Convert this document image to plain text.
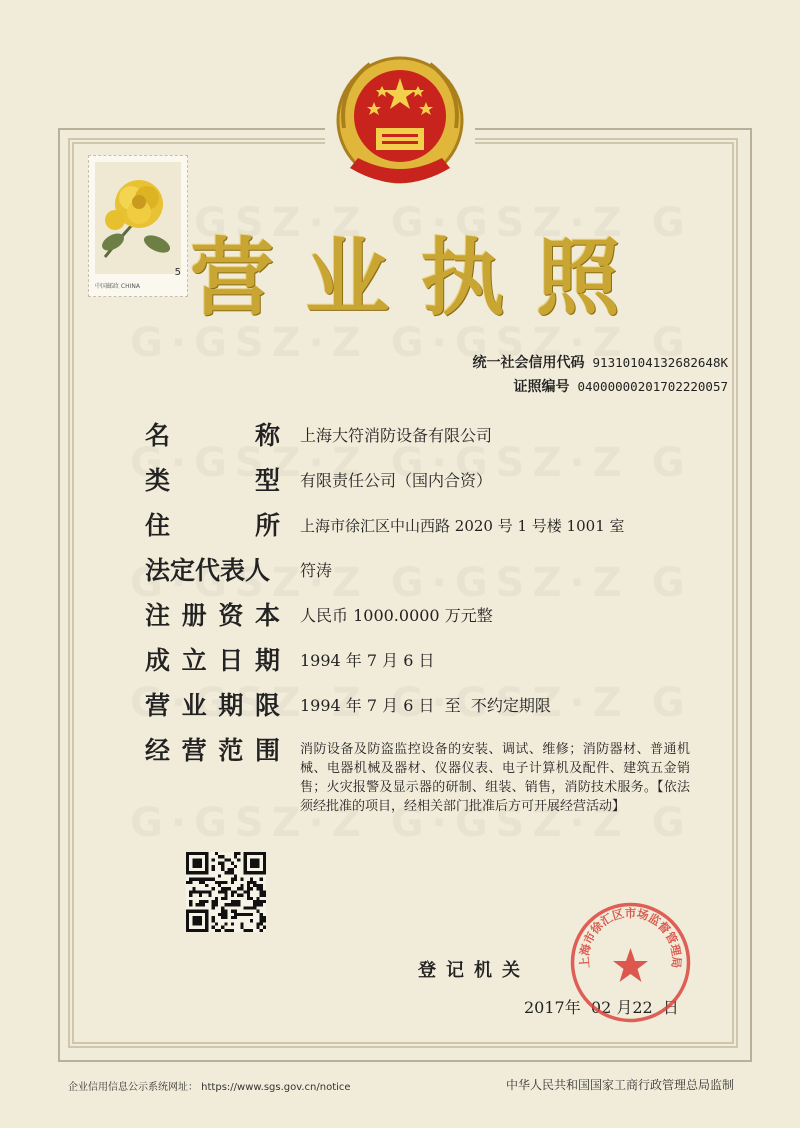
中国邮政 CHINA
5 营 业 执 照
统一社会信用代码 91310104132682648K
证照编号 04000000201702220057
名	称 上海大符消防设备有限公司
类	型 有限责任公司（国内合资）
住	所 上海市徐汇区中山西路 2020 号 1 号楼 1001 室
法定代表人	符涛
注 册 资 本 人民币 1000.0000 万元整
成 立 日 期 1994 年 7 月 6 日
营 业 期 限 1994 年 7 月 6 日  至  不约定期限
经 营 范 围 消防设备及防盗监控设备的安装、调试、维修；消防器材、普通机械、电器机械及器材、仪器仪表、电子计算机及配件、建筑五金销售；火灾报警及显示器的研制、组装、销售，消防技术服务。【依法须经批准的项目，经相关部门批准后方可开展经营活动】
登记机关
2017年  02 月22  日
上海市徐汇区市场监督管理局
企业信用信息公示系统网址： https://www.sgs.gov.cn/notice	中华人民共和国国家工商行政管理总局监制
